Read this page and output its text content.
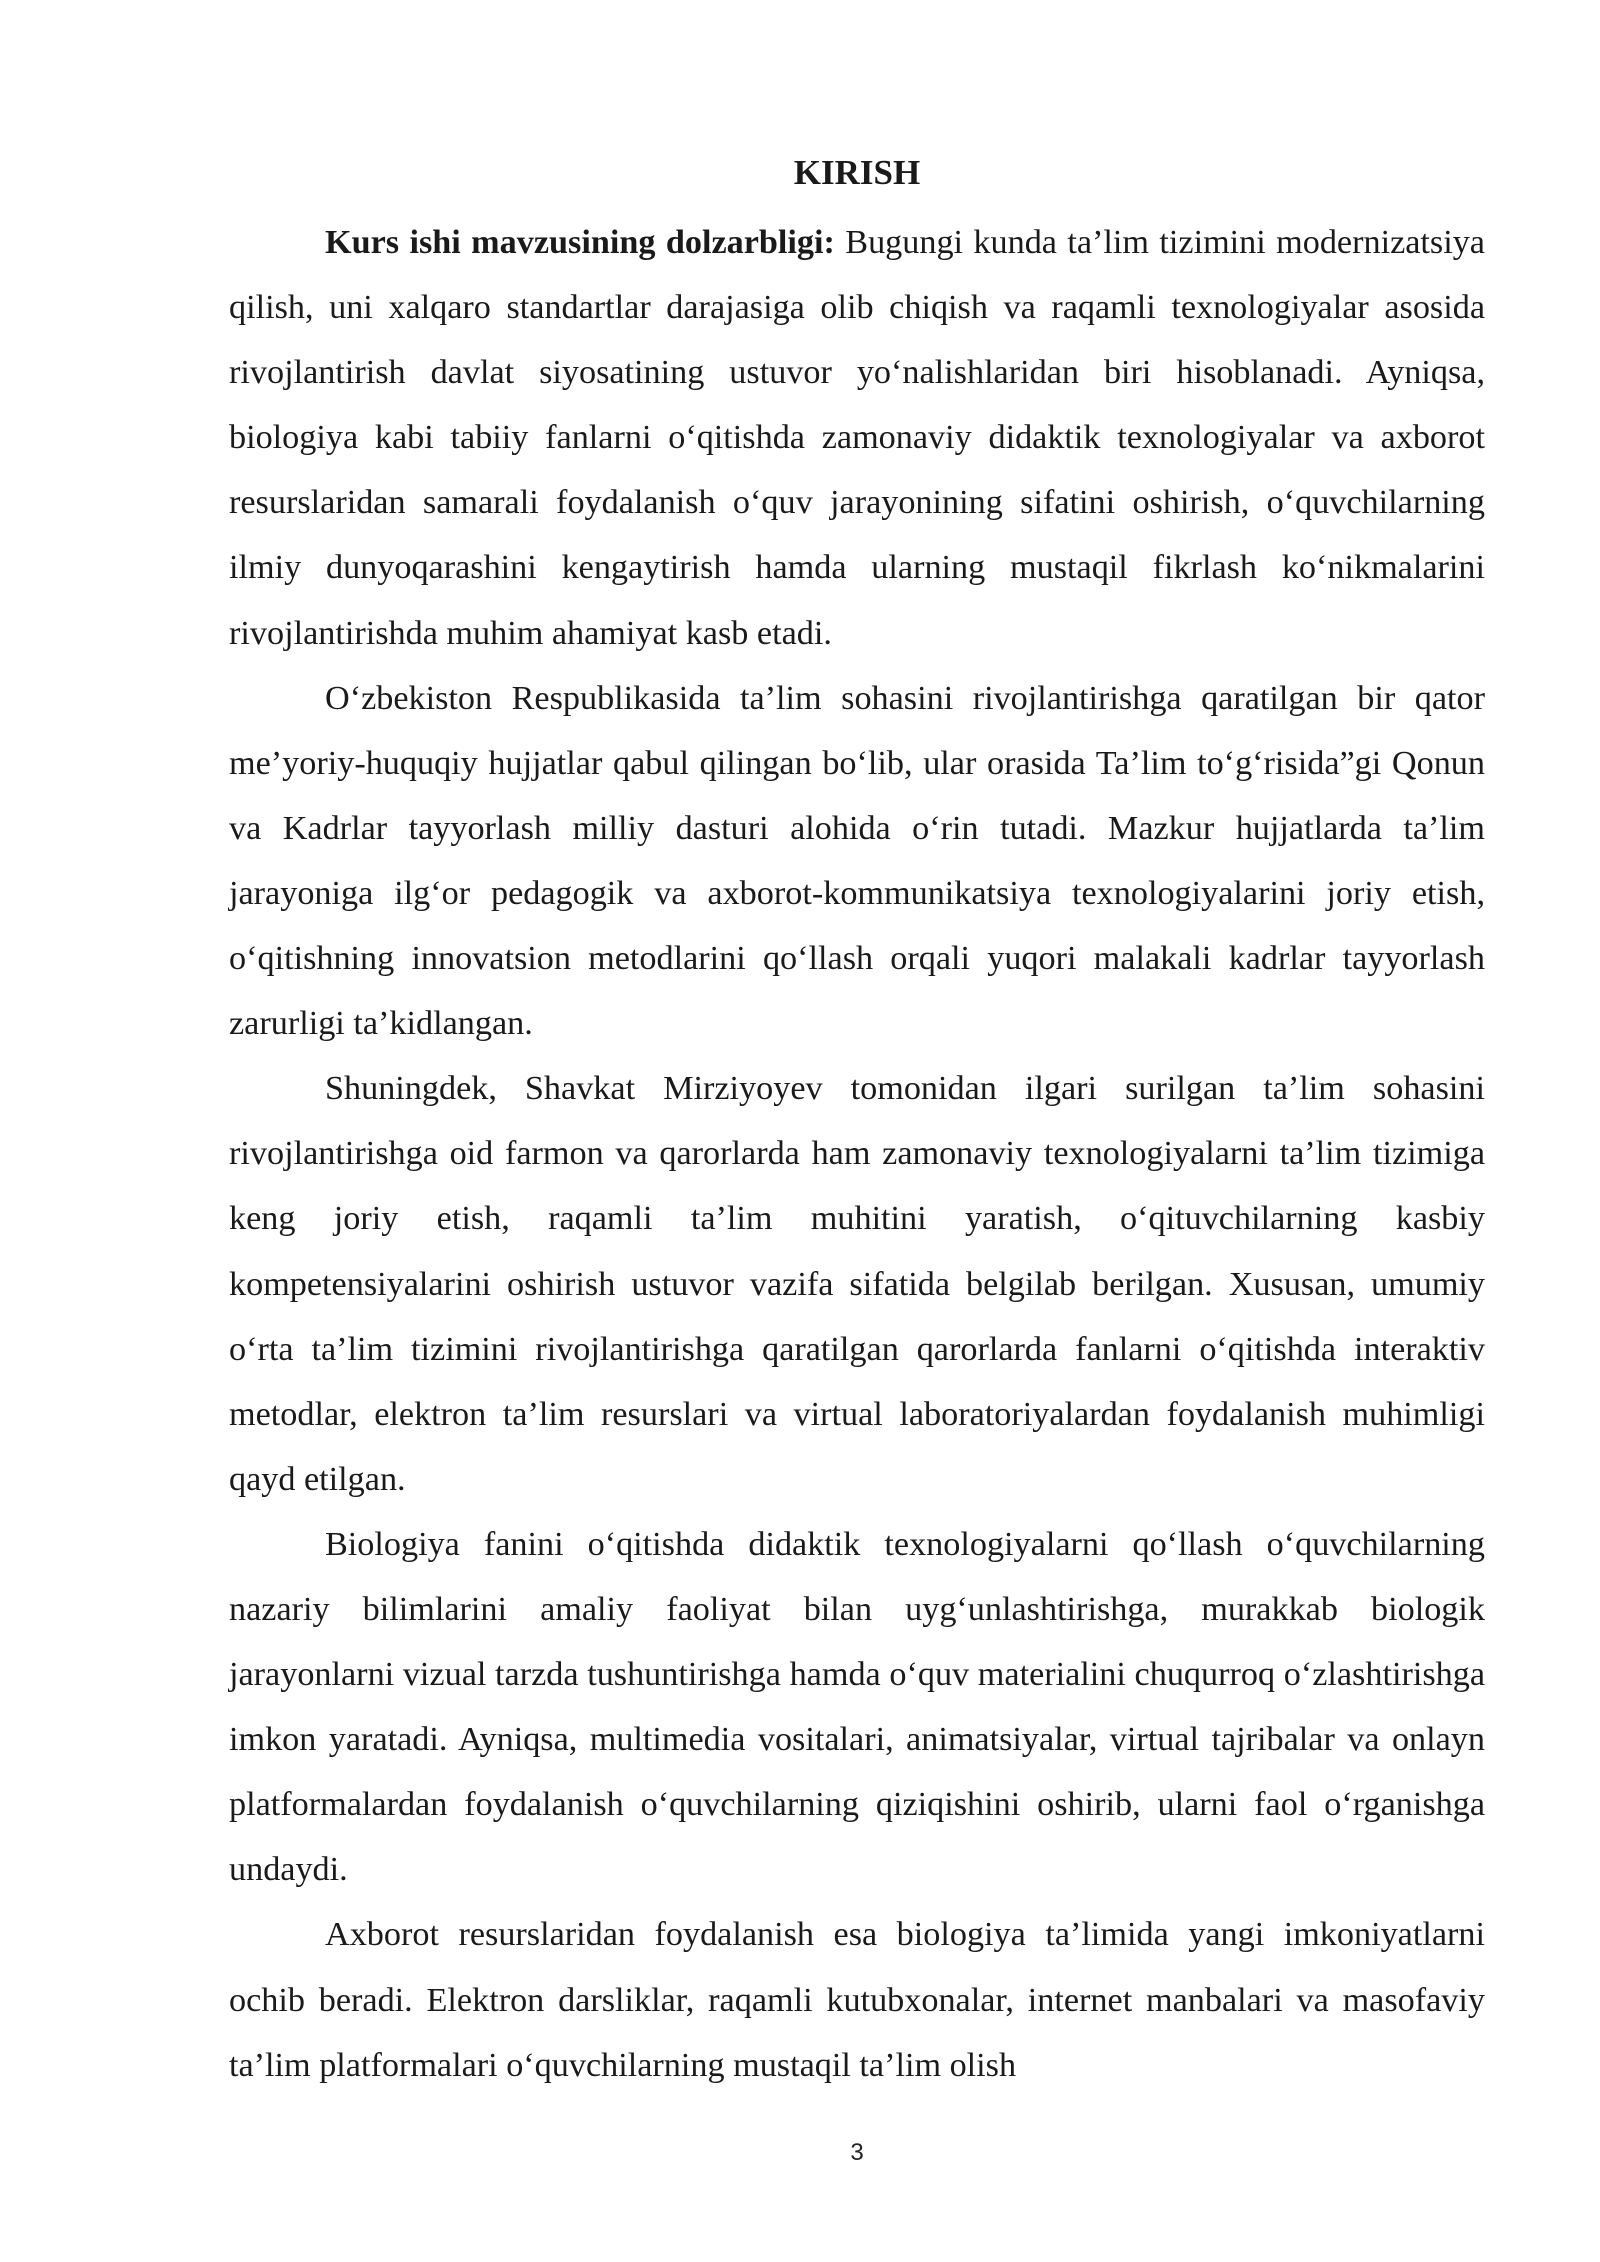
KIRISH

Kurs ishi mavzusining dolzarbligi: Bugungi kunda ta’lim tizimini modernizatsiya qilish, uni xalqaro standartlar darajasiga olib chiqish va raqamli texnologiyalar asosida rivojlantirish davlat siyosatining ustuvor yo‘nalishlaridan biri hisoblanadi. Ayniqsa, biologiya kabi tabiiy fanlarni o‘qitishda zamonaviy didaktik texnologiyalar va axborot resurslaridan samarali foydalanish o‘quv jarayonining sifatini oshirish, o‘quvchilarning ilmiy dunyoqarashini kengaytirish hamda ularning mustaqil fikrlash ko‘nikmalarini rivojlantirishda muhim ahamiyat kasb etadi.

O‘zbekiston Respublikasida ta’lim sohasini rivojlantirishga qaratilgan bir qator me’yoriy-huquqiy hujjatlar qabul qilingan bo‘lib, ular orasida Ta’lim to‘g‘risida”gi Qonun va Kadrlar tayyorlash milliy dasturi alohida o‘rin tutadi. Mazkur hujjatlarda ta’lim jarayoniga ilg‘or pedagogik va axborot-kommunikatsiya texnologiyalarini joriy etish, o‘qitishning innovatsion metodlarini qo‘llash orqali yuqori malakali kadrlar tayyorlash zarurligi ta’kidlangan.

Shuningdek, Shavkat Mirziyoyev tomonidan ilgari surilgan ta’lim sohasini rivojlantirishga oid farmon va qarorlarda ham zamonaviy texnologiyalarni ta’lim tizimiga keng joriy etish, raqamli ta’lim muhitini yaratish, o‘qituvchilarning kasbiy kompetensiyalarini oshirish ustuvor vazifa sifatida belgilab berilgan. Xususan, umumiy o‘rta ta’lim tizimini rivojlantirishga qaratilgan qarorlarda fanlarni o‘qitishda interaktiv metodlar, elektron ta’lim resurslari va virtual laboratoriyalardan foydalanish muhimligi qayd etilgan.

Biologiya fanini o‘qitishda didaktik texnologiyalarni qo‘llash o‘quvchilarning nazariy bilimlarini amaliy faoliyat bilan uyg‘unlashtirishga, murakkab biologik jarayonlarni vizual tarzda tushuntirishga hamda o‘quv materialini chuqurroq o‘zlashtirishga imkon yaratadi. Ayniqsa, multimedia vositalari, animatsiyalar, virtual tajribalar va onlayn platformalardan foydalanish o‘quvchilarning qiziqishini oshirib, ularni faol o‘rganishga undaydi.

Axborot resurslaridan foydalanish esa biologiya ta’limida yangi imkoniyatlarni ochib beradi. Elektron darsliklar, raqamli kutubxonalar, internet manbalari va masofaviy ta’lim platformalari o‘quvchilarning mustaqil ta’lim olish

3
